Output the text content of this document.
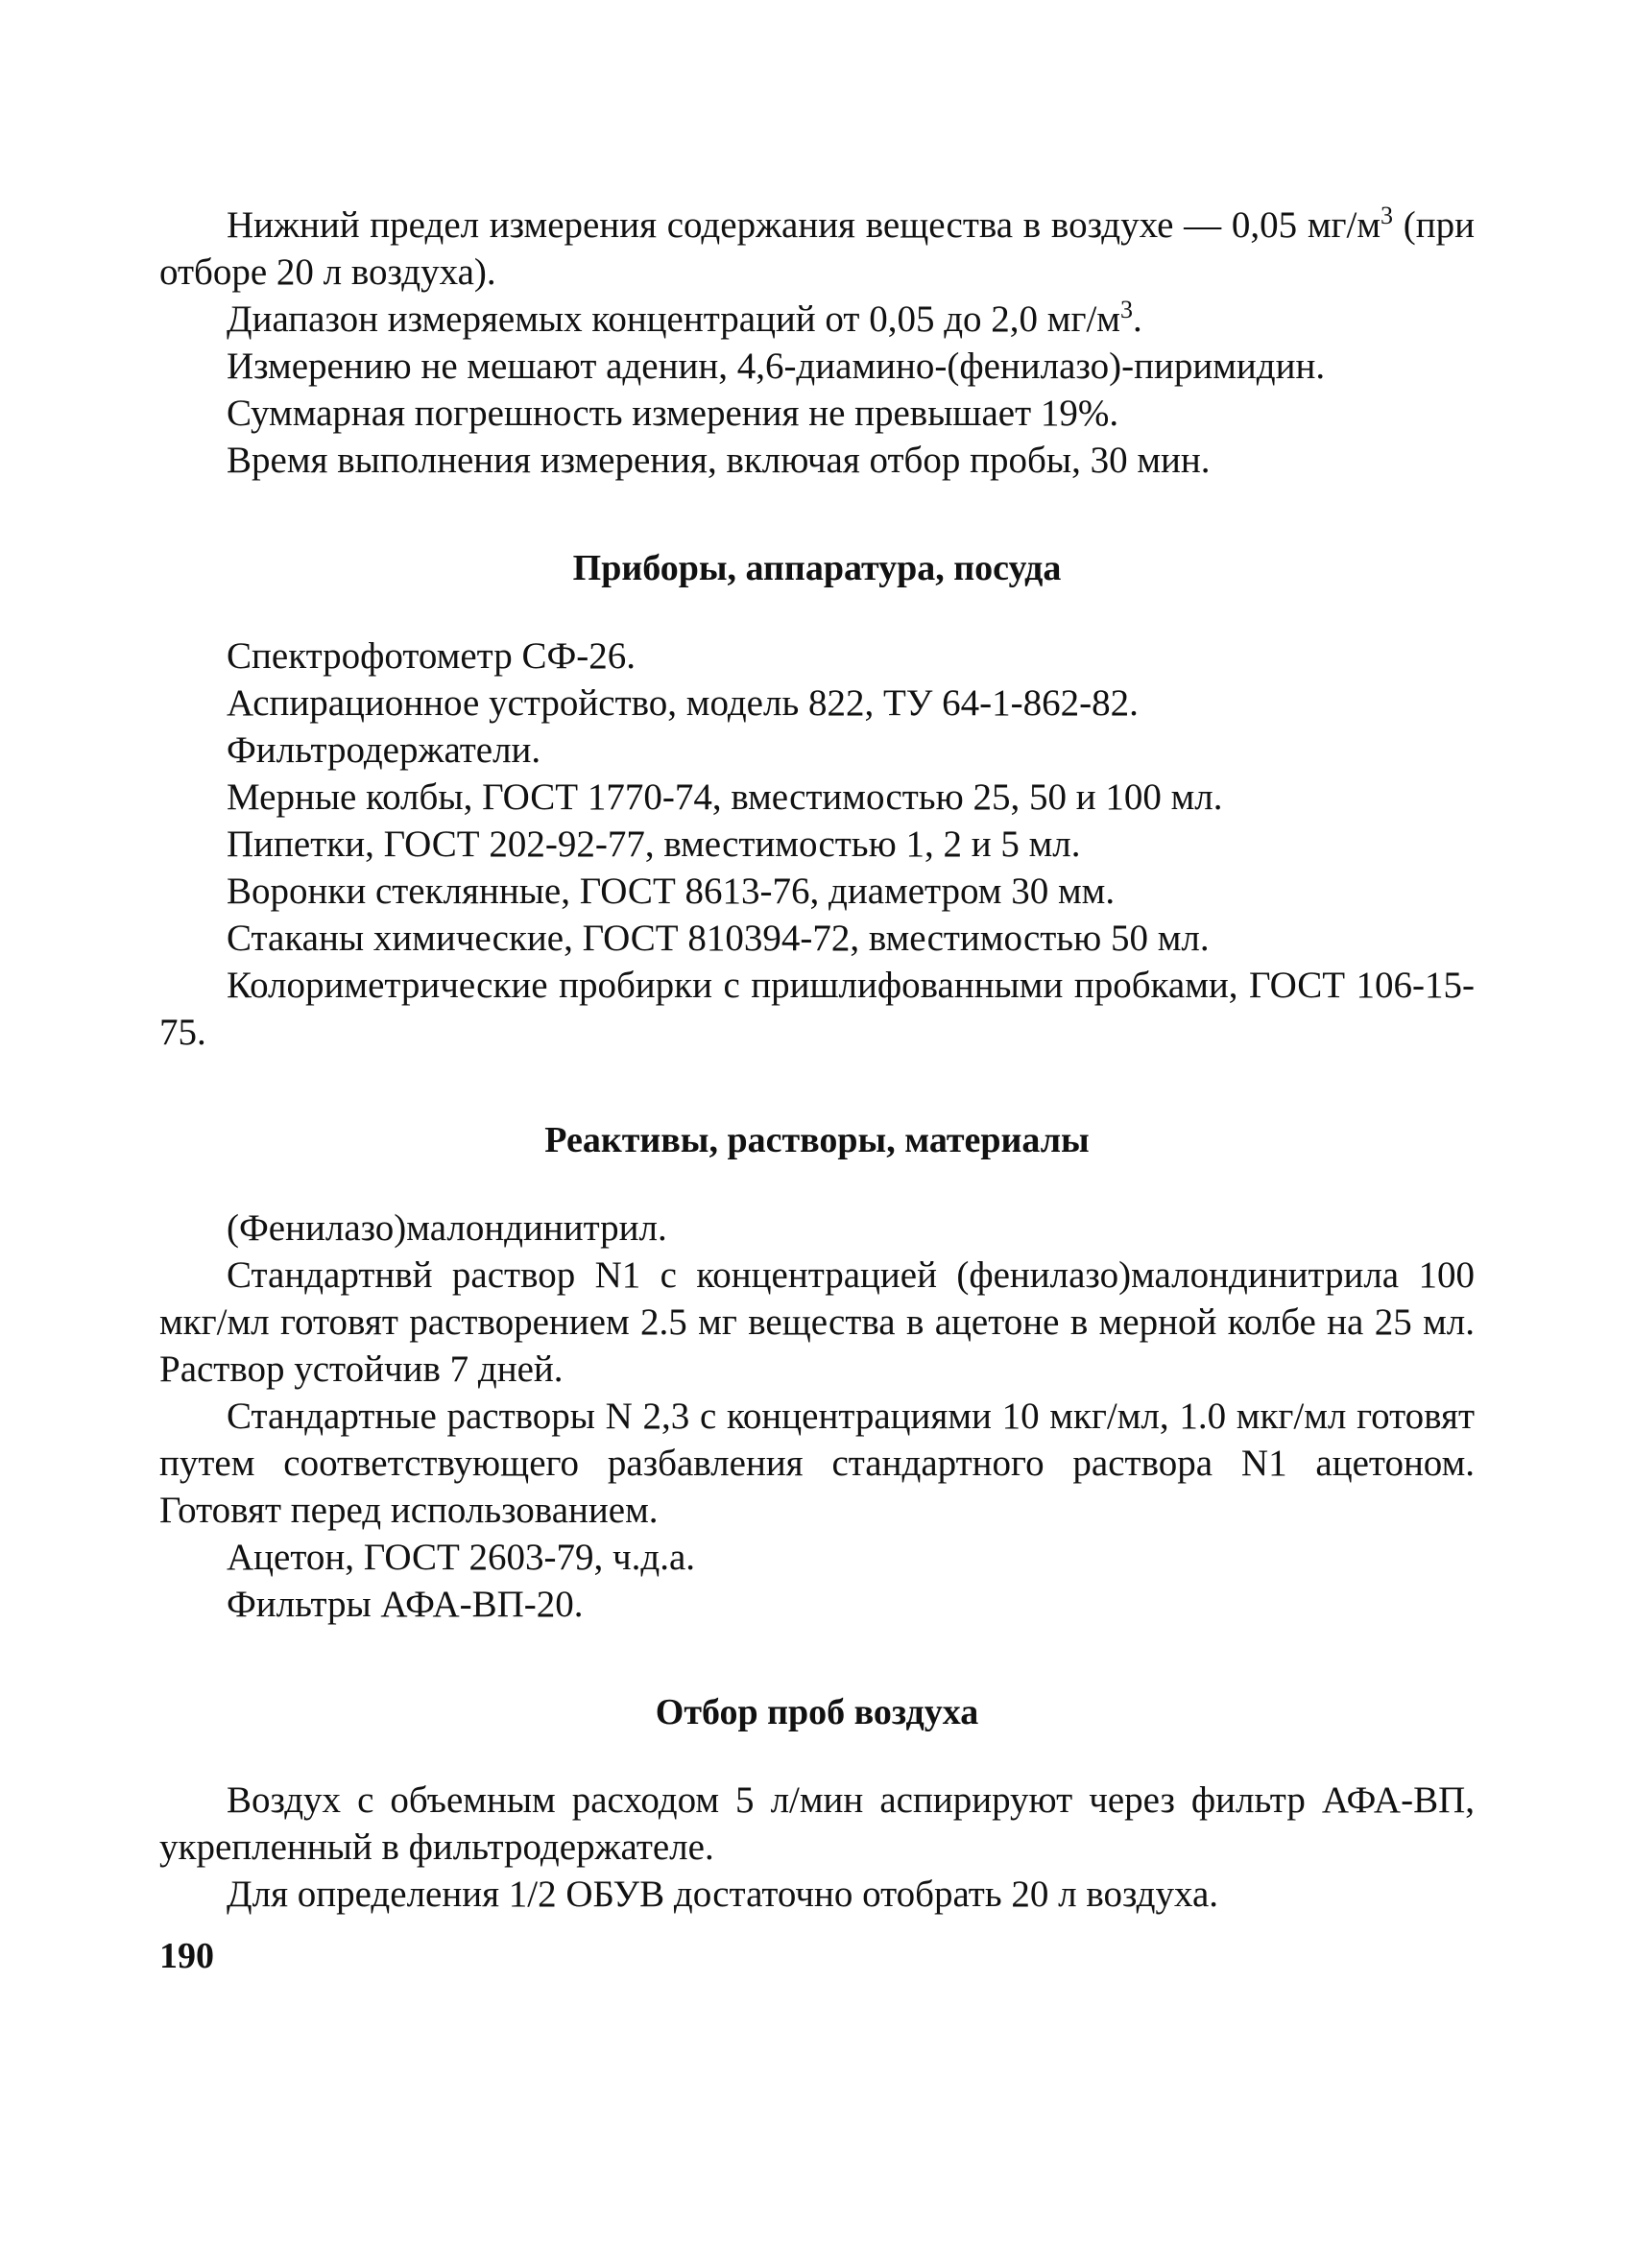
Нижний предел измерения содержания вещества в воздухе — 0,05 $мг/м^3$ (при отборе 20 л воздуха).

Диапазон измеряемых концентраций от 0,05 до 2,0 $мг/м^3$.

Измерению не мешают аденин, 4,6-диамино-(фенилазо)-пиримидин.

Суммарная погрешность измерения не превышает 19%.

Время выполнения измерения, включая отбор пробы, 30 мин.

Приборы, аппаратура, посуда

Спектрофотометр СФ-26.

Аспирационное устройство, модель 822, ТУ 64-1-862-82.

Фильтродержатели.

Мерные колбы, ГОСТ 1770-74, вместимостью 25, 50 и 100 мл.

Пипетки, ГОСТ 202-92-77, вместимостью 1, 2 и 5 мл.

Воронки стеклянные, ГОСТ 8613-76, диаметром 30 мм.

Стаканы химические, ГОСТ 810394-72, вместимостью 50 мл.

Колориметрические пробирки с пришлифованными пробками, ГОСТ 106-15-75.

Реактивы, растворы, материалы

(Фенилазо)малондинитрил.

Стандартнвй раствор N1 с концентрацией (фенилазо)малондинитрила 100 мкг/мл готовят растворением 2.5 мг вещества в ацетоне в мерной колбе на 25 мл. Раствор устойчив 7 дней.

Стандартные растворы N 2,3 с концентрациями 10 мкг/мл, 1.0 мкг/мл готовят путем соответствующего разбавления стандартного раствора N1 ацетоном. Готовят перед использованием.

Ацетон, ГОСТ 2603-79, ч.д.а.

Фильтры АФА-ВП-20.

Отбор проб воздуха

Воздух с объемным расходом 5 л/мин аспирируют через фильтр АФА-ВП, укрепленный в фильтродержателе.

Для определения 1/2 ОБУВ достаточно отобрать 20 л воздуха.

190
